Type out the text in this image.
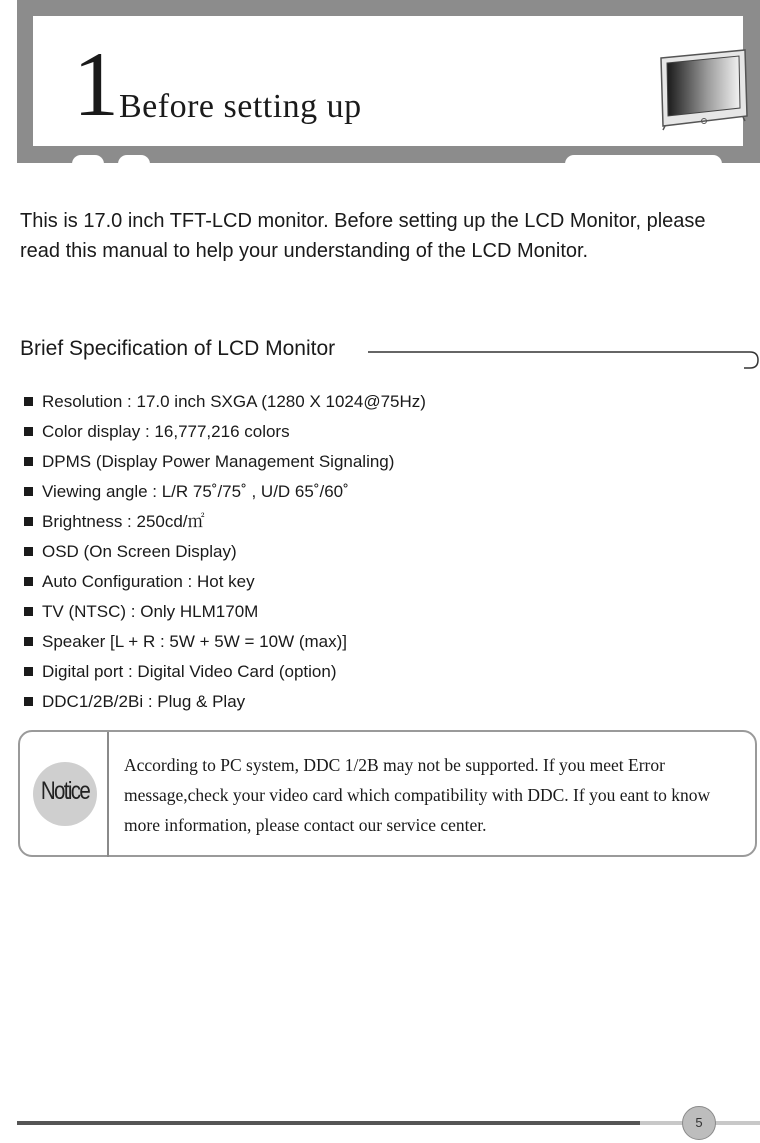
1 Before setting up
This is 17.0 inch TFT-LCD monitor. Before setting up the LCD Monitor, please read this manual to help your understanding of the LCD Monitor.
Brief Specification of LCD Monitor
Resolution : 17.0 inch SXGA (1280 X 1024@75Hz)
Color display : 16,777,216 colors
DPMS (Display Power Management Signaling)
Viewing angle : L/R 75˚/75˚ , U/D 65˚/60˚
Brightness : 250cd/㎡
OSD (On Screen Display)
Auto Configuration : Hot key
TV (NTSC) : Only HLM170M
Speaker [L + R : 5W + 5W = 10W (max)]
Digital port : Digital Video Card (option)
DDC1/2B/2Bi : Plug & Play
Notice
According to PC system, DDC 1/2B may not be supported. If you meet Error message,check your video card which compatibility with DDC. If you eant to know more information, please contact our service center.
5
